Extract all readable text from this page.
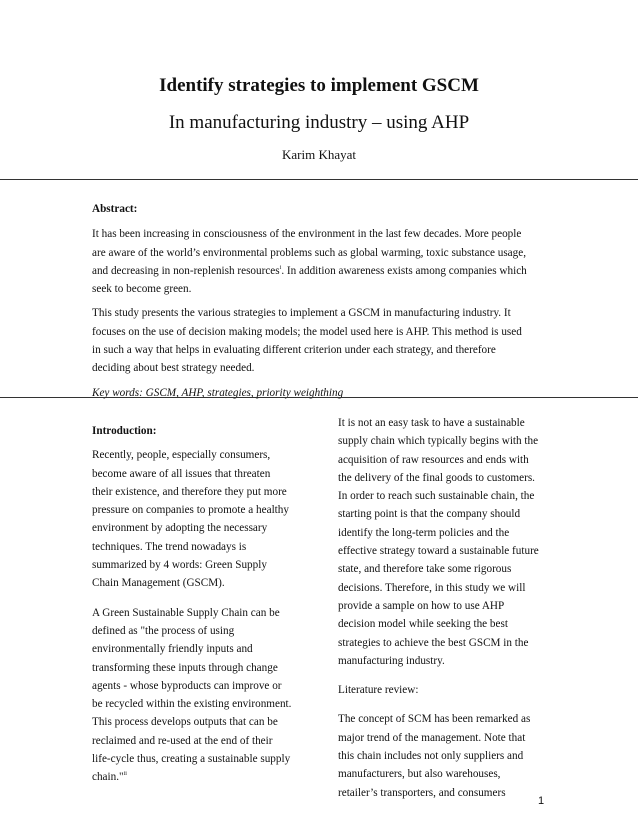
Identify strategies to implement GSCM
In manufacturing industry – using AHP
Karim Khayat

Abstract:

It has been increasing in consciousness of the environment in the last few decades. More people
are aware of the world’s environmental problems such as global warming, toxic substance usage,
and decreasing in non-replenish resources$^i$. In addition awareness exists among companies which
seek to become green.

This study presents the various strategies to implement a GSCM in manufacturing industry. It
focuses on the use of decision making models; the model used here is AHP. This method is used
in such a way that helps in evaluating different criterion under each strategy, and therefore
deciding about best strategy needed.

Key words: GSCM, AHP, strategies, priority weighthing

Introduction:

Recently, people, especially consumers,
become aware of all issues that threaten
their existence, and therefore they put more
pressure on companies to promote a healthy
environment by adopting the necessary
techniques. The trend nowadays is
summarized by 4 words: Green Supply
Chain Management (GSCM).

A Green Sustainable Supply Chain can be
defined as "the process of using
environmentally friendly inputs and
transforming these inputs through change
agents - whose byproducts can improve or
be recycled within the existing environment.
This process develops outputs that can be
reclaimed and re-used at the end of their
life-cycle thus, creating a sustainable supply
chain."$^{ii}$

It is not an easy task to have a sustainable
supply chain which typically begins with the
acquisition of raw resources and ends with
the delivery of the final goods to customers.
In order to reach such sustainable chain, the
starting point is that the company should
identify the long-term policies and the
effective strategy toward a sustainable future
state, and therefore take some rigorous
decisions. Therefore, in this study we will
provide a sample on how to use AHP
decision model while seeking the best
strategies to achieve the best GSCM in the
manufacturing industry.

Literature review:

The concept of SCM has been remarked as
major trend of the management. Note that
this chain includes not only suppliers and
manufacturers, but also warehouses,
retailer’s transporters, and consumers

1
